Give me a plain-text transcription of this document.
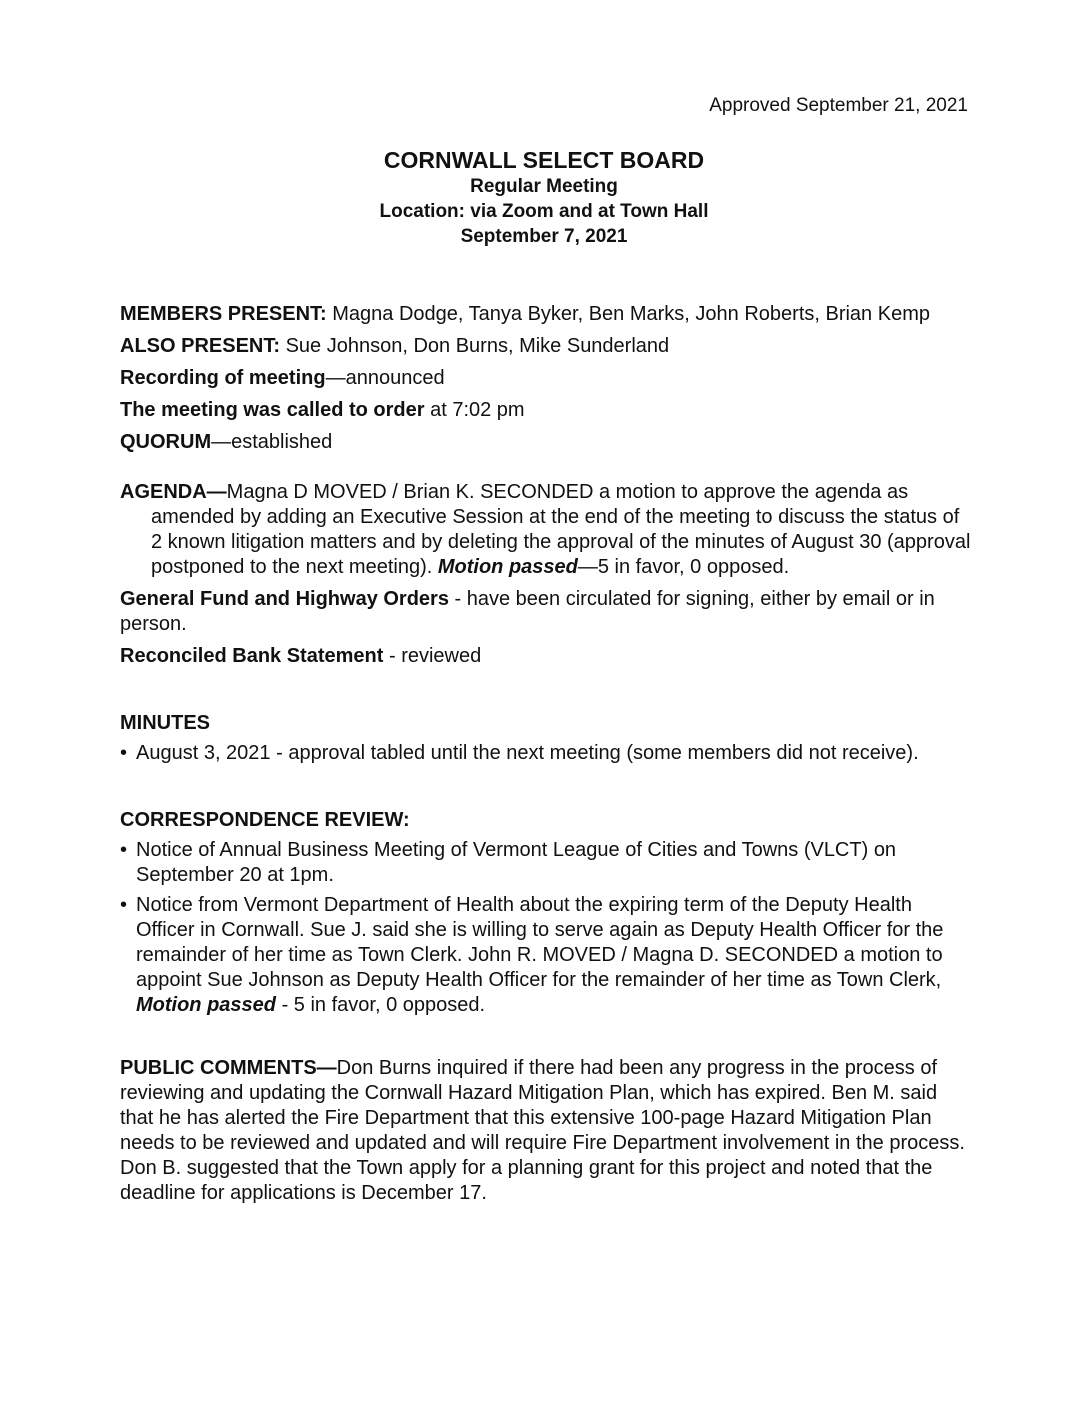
Approved September 21, 2021
CORNWALL SELECT BOARD
Regular Meeting
Location: via Zoom and at Town Hall
September 7, 2021

MEMBERS PRESENT: Magna Dodge, Tanya Byker, Ben Marks, John Roberts, Brian Kemp

ALSO PRESENT: Sue Johnson, Don Burns, Mike Sunderland

Recording of meeting—announced

The meeting was called to order at 7:02 pm

QUORUM—established

AGENDA—Magna D MOVED / Brian K. SECONDED a motion to approve the agenda as amended by adding an Executive Session at the end of the meeting to discuss the status of 2 known litigation matters and by deleting the approval of the minutes of August 30 (approval postponed to the next meeting). Motion passed—5 in favor, 0 opposed.

General Fund and Highway Orders - have been circulated for signing, either by email or in person.

Reconciled Bank Statement - reviewed

MINUTES

• August 3, 2021 - approval tabled until the next meeting (some members did not receive).

CORRESPONDENCE REVIEW:

• Notice of Annual Business Meeting of Vermont League of Cities and Towns (VLCT) on September 20 at 1pm.
• Notice from Vermont Department of Health about the expiring term of the Deputy Health Officer in Cornwall. Sue J. said she is willing to serve again as Deputy Health Officer for the remainder of her time as Town Clerk. John R. MOVED / Magna D. SECONDED a motion to appoint Sue Johnson as Deputy Health Officer for the remainder of her time as Town Clerk, Motion passed - 5 in favor, 0 opposed.

PUBLIC COMMENTS—Don Burns inquired if there had been any progress in the process of reviewing and updating the Cornwall Hazard Mitigation Plan, which has expired. Ben M. said that he has alerted the Fire Department that this extensive 100-page Hazard Mitigation Plan needs to be reviewed and updated and will require Fire Department involvement in the process. Don B. suggested that the Town apply for a planning grant for this project and noted that the deadline for applications is December 17.
